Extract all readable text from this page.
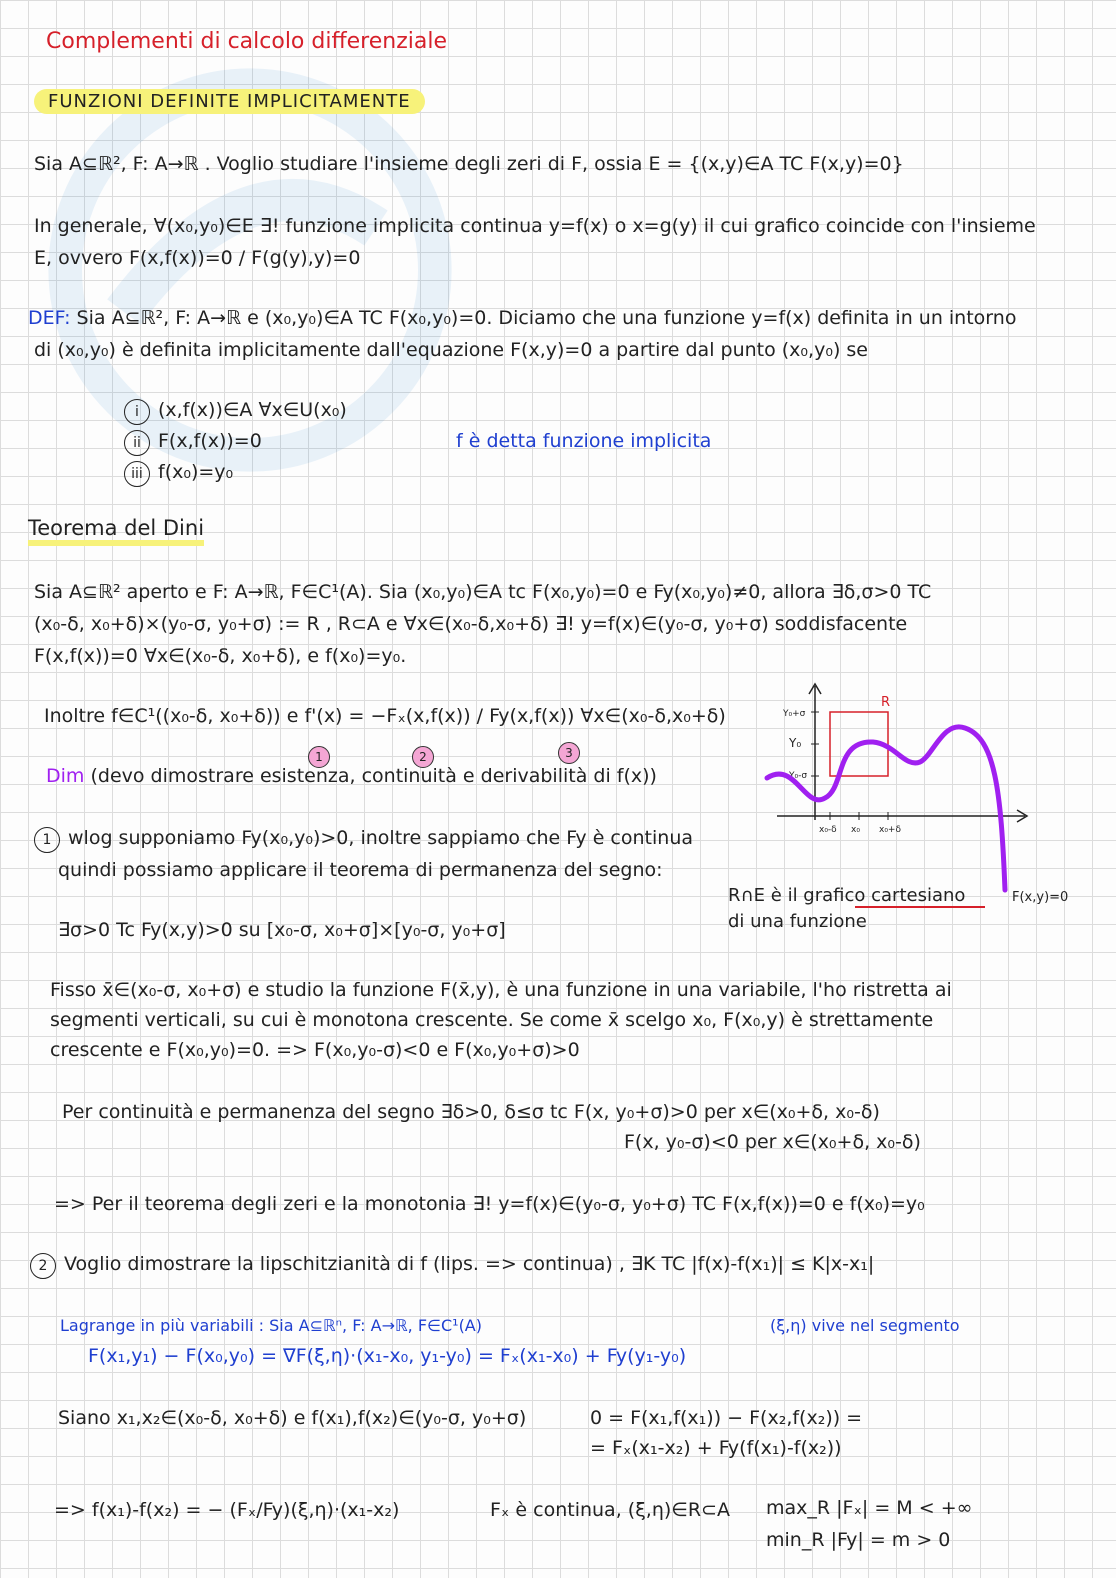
Complementi di calcolo differenziale
FUNZIONI DEFINITE IMPLICITAMENTE
Sia A⊆ℝ², F: A→ℝ . Voglio studiare l'insieme degli zeri di F, ossia E = {(x,y)∈A TC F(x,y)=0}
In generale, ∀(x₀,y₀)∈E ∃! funzione implicita continua y=f(x) o x=g(y) il cui grafico coincide con l'insieme
E, ovvero F(x,f(x))=0 / F(g(y),y)=0
DEF: Sia A⊆ℝ², F: A→ℝ e (x₀,y₀)∈A TC F(x₀,y₀)=0. Diciamo che una funzione y=f(x) definita in un intorno
di (x₀,y₀) è definita implicitamente dall'equazione F(x,y)=0 a partire dal punto (x₀,y₀) se
i (x,f(x))∈A ∀x∈U(x₀)
ii F(x,f(x))=0
iii f(x₀)=y₀
f è detta funzione implicita
Teorema del Dini
Sia A⊆ℝ² aperto e F: A→ℝ, F∈C¹(A). Sia (x₀,y₀)∈A tc F(x₀,y₀)=0 e Fy(x₀,y₀)≠0, allora ∃δ,σ>0 TC
(x₀-δ, x₀+δ)×(y₀-σ, y₀+σ) := R , R⊂A e ∀x∈(x₀-δ,x₀+δ) ∃! y=f(x)∈(y₀-σ, y₀+σ) soddisfacente
F(x,f(x))=0 ∀x∈(x₀-δ, x₀+δ), e f(x₀)=y₀.
Inoltre f∈C¹((x₀-δ, x₀+δ)) e f'(x) = −Fₓ(x,f(x)) / Fy(x,f(x)) ∀x∈(x₀-δ,x₀+δ)
1	2	3
Dim (devo dimostrare esistenza, continuità e derivabilità di f(x))
R
Y₀+σ
Y₀
Y₀-σ
x₀-δ x₀ x₀+δ
F(x,y)=0
R∩E è il grafico cartesiano
di una funzione
1 wlog supponiamo Fy(x₀,y₀)>0, inoltre sappiamo che Fy è continua
quindi possiamo applicare il teorema di permanenza del segno:
∃σ>0 Tc Fy(x,y)>0 su [x₀-σ, x₀+σ]×[y₀-σ, y₀+σ]
Fisso x̄∈(x₀-σ, x₀+σ) e studio la funzione F(x̄,y), è una funzione in una variabile, l'ho ristretta ai
segmenti verticali, su cui è monotona crescente. Se come x̄ scelgo x₀, F(x₀,y) è strettamente
crescente e F(x₀,y₀)=0. => F(x₀,y₀-σ)<0 e F(x₀,y₀+σ)>0
Per continuità e permanenza del segno ∃δ>0, δ≤σ tc F(x, y₀+σ)>0 per x∈(x₀+δ, x₀-δ)
F(x, y₀-σ)<0 per x∈(x₀+δ, x₀-δ)
=> Per il teorema degli zeri e la monotonia ∃! y=f(x)∈(y₀-σ, y₀+σ) TC F(x,f(x))=0 e f(x₀)=y₀
2 Voglio dimostrare la lipschitzianità di f (lips. => continua) , ∃K TC |f(x)-f(x₁)| ≤ K|x-x₁|
Lagrange in più variabili : Sia A⊆ℝⁿ, F: A→ℝ, F∈C¹(A)
F(x₁,y₁) − F(x₀,y₀) = ∇F(ξ,η)·(x₁-x₀, y₁-y₀) = Fₓ(x₁-x₀) + Fy(y₁-y₀)
(ξ,η) vive nel segmento
Siano x₁,x₂∈(x₀-δ, x₀+δ) e f(x₁),f(x₂)∈(y₀-σ, y₀+σ)	0 = F(x₁,f(x₁)) − F(x₂,f(x₂)) =
= Fₓ(x₁-x₂) + Fy(f(x₁)-f(x₂))
=> f(x₁)-f(x₂) = − (Fₓ/Fy)(ξ,η)·(x₁-x₂)	Fₓ è continua, (ξ,η)∈R⊂A max_R |Fₓ| = M < +∞
min_R |Fy| = m > 0
